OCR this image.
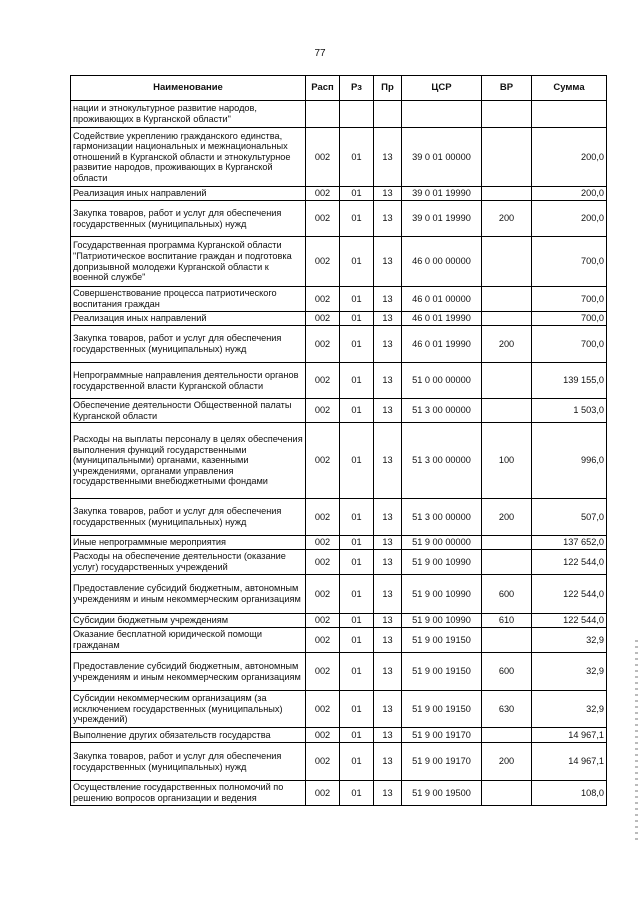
77
Наименование	Расп	Рз	Пр	ЦСР	ВР	Сумма
нации и этнокультурное развитие народов, проживающих в Курганской области"						
Содействие укреплению гражданского единства, гармонизации национальных и межнациональных отношений в Курганской области и этнокультурное развитие народов, проживающих в Курганской области	002	01	13	39 0 01 00000		200,0
Реализация иных направлений	002	01	13	39 0 01 19990		200,0
Закупка товаров, работ и услуг для обеспечения государственных (муниципальных) нужд	002	01	13	39 0 01 19990	200	200,0
Государственная программа Курганской области "Патриотическое воспитание граждан и подготовка допризывной молодежи Курганской области к военной службе"	002	01	13	46 0 00 00000		700,0
Совершенствование процесса патриотического воспитания граждан	002	01	13	46 0 01 00000		700,0
Реализация иных направлений	002	01	13	46 0 01 19990		700,0
Закупка товаров, работ и услуг для обеспечения государственных (муниципальных) нужд	002	01	13	46 0 01 19990	200	700,0
Непрограммные направления деятельности органов государственной власти Курганской области	002	01	13	51 0 00 00000		139 155,0
Обеспечение деятельности Общественной палаты Курганской области	002	01	13	51 3 00 00000		1 503,0
Расходы на выплаты персоналу в целях обеспечения выполнения функций государственными (муниципальными) органами, казенными учреждениями, органами управления государственными внебюджетными фондами	002	01	13	51 3 00 00000	100	996,0
Закупка товаров, работ и услуг для обеспечения государственных (муниципальных) нужд	002	01	13	51 3 00 00000	200	507,0
Иные непрограммные мероприятия	002	01	13	51 9 00 00000		137 652,0
Расходы на обеспечение деятельности (оказание услуг) государственных учреждений	002	01	13	51 9 00 10990		122 544,0
Предоставление субсидий бюджетным, автономным учреждениям и иным некоммерческим организациям	002	01	13	51 9 00 10990	600	122 544,0
Субсидии бюджетным учреждениям	002	01	13	51 9 00 10990	610	122 544,0
Оказание бесплатной юридической помощи гражданам	002	01	13	51 9 00 19150		32,9
Предоставление субсидий бюджетным, автономным учреждениям и иным некоммерческим организациям	002	01	13	51 9 00 19150	600	32,9
Субсидии некоммерческим организациям (за исключением государственных (муниципальных) учреждений)	002	01	13	51 9 00 19150	630	32,9
Выполнение других обязательств государства	002	01	13	51 9 00 19170		14 967,1
Закупка товаров, работ и услуг для обеспечения государственных (муниципальных) нужд	002	01	13	51 9 00 19170	200	14 967,1
Осуществление государственных полномочий по решению вопросов организации и ведения	002	01	13	51 9 00 19500		108,0
